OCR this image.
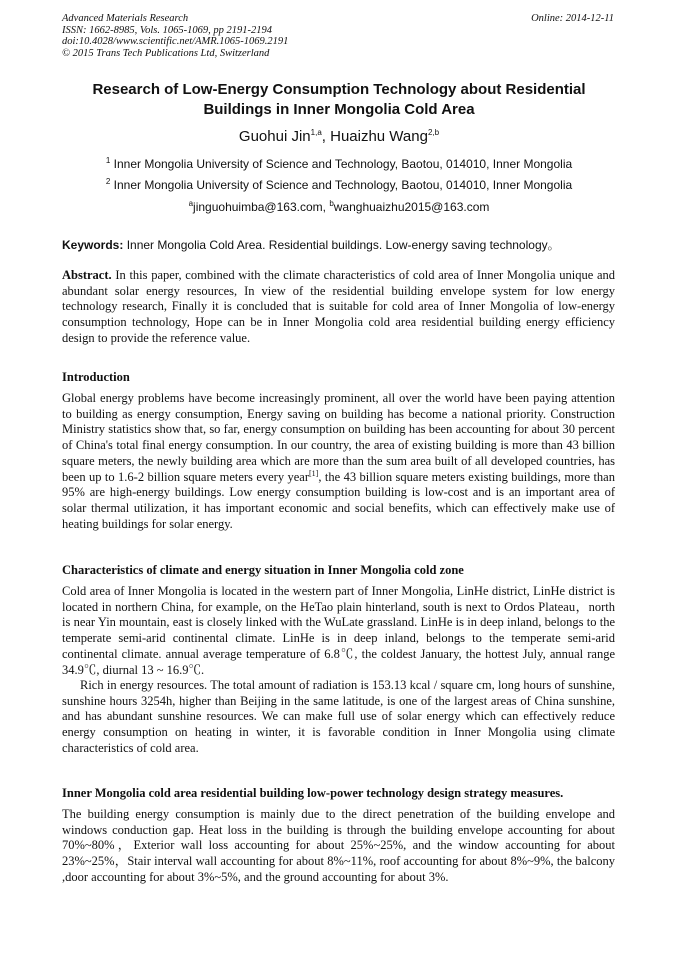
Advanced Materials Research
ISSN: 1662-8985, Vols. 1065-1069, pp 2191-2194
doi:10.4028/www.scientific.net/AMR.1065-1069.2191
© 2015 Trans Tech Publications Ltd, Switzerland
Online: 2014-12-11
Research of Low-Energy Consumption Technology about Residential Buildings in Inner Mongolia Cold Area
Guohui Jin$^{1,a}$, Huaizhu Wang$^{2,b}$
$^1$ Inner Mongolia University of Science and Technology, Baotou, 014010, Inner Mongolia
$^2$ Inner Mongolia University of Science and Technology, Baotou, 014010, Inner Mongolia
$^a$jinguohuimba@163.com, $^b$wanghuaizhu2015@163.com
Keywords: Inner Mongolia Cold Area. Residential buildings. Low-energy saving technology。
Abstract. In this paper, combined with the climate characteristics of cold area of Inner Mongolia unique and abundant solar energy resources, In view of the residential building envelope system for low energy technology research, Finally it is concluded that is suitable for cold area of Inner Mongolia of low-energy consumption technology, Hope can be in Inner Mongolia cold area residential building energy efficiency design to provide the reference value.
Introduction
Global energy problems have become increasingly prominent, all over the world have been paying attention to building as energy consumption, Energy saving on building has become a national priority. Construction Ministry statistics show that, so far, energy consumption on building has been accounting for about 30 percent of China's total final energy consumption. In our country, the area of existing building is more than 43 billion square meters, the newly building area which are more than the sum area built of all developed countries, has been up to 1.6-2 billion square meters every year[1], the 43 billion square meters existing buildings, more than 95% are high-energy buildings. Low energy consumption building is low-cost and is an important area of solar thermal utilization, it has important economic and social benefits, which can effectively make use of heating buildings for solar energy.
Characteristics of climate and energy situation in Inner Mongolia cold zone
Cold area of Inner Mongolia is located in the western part of Inner Mongolia, LinHe district, LinHe district is located in northern China, for example, on the HeTao plain hinterland, south is next to Ordos Plateau，north is near Yin mountain, east is closely linked with the WuLate grassland. LinHe is in deep inland, belongs to the temperate semi-arid continental climate. LinHe is in deep inland, belongs to the temperate semi-arid continental climate. annual average temperature of 6.8℃, the coldest January, the hottest July, annual range 34.9℃, diurnal 13 ~ 16.9℃.
Rich in energy resources. The total amount of radiation is 153.13 kcal / square cm, long hours of sunshine, sunshine hours 3254h, higher than Beijing in the same latitude, is one of the largest areas of China sunshine, and has abundant sunshine resources. We can make full use of solar energy which can effectively reduce energy consumption on heating in winter, it is favorable condition in Inner Mongolia using climate characteristics of cold area.
Inner Mongolia cold area residential building low-power technology design strategy measures.
The building energy consumption is mainly due to the direct penetration of the building envelope and windows conduction gap. Heat loss in the building is through the building envelope accounting for about 70%~80%，Exterior wall loss accounting for about 25%~25%, and the window accounting for about 23%~25%，Stair interval wall accounting for about 8%~11%, roof accounting for about 8%~9%, the balcony ,door accounting for about 3%~5%, and the ground accounting for about 3%.
